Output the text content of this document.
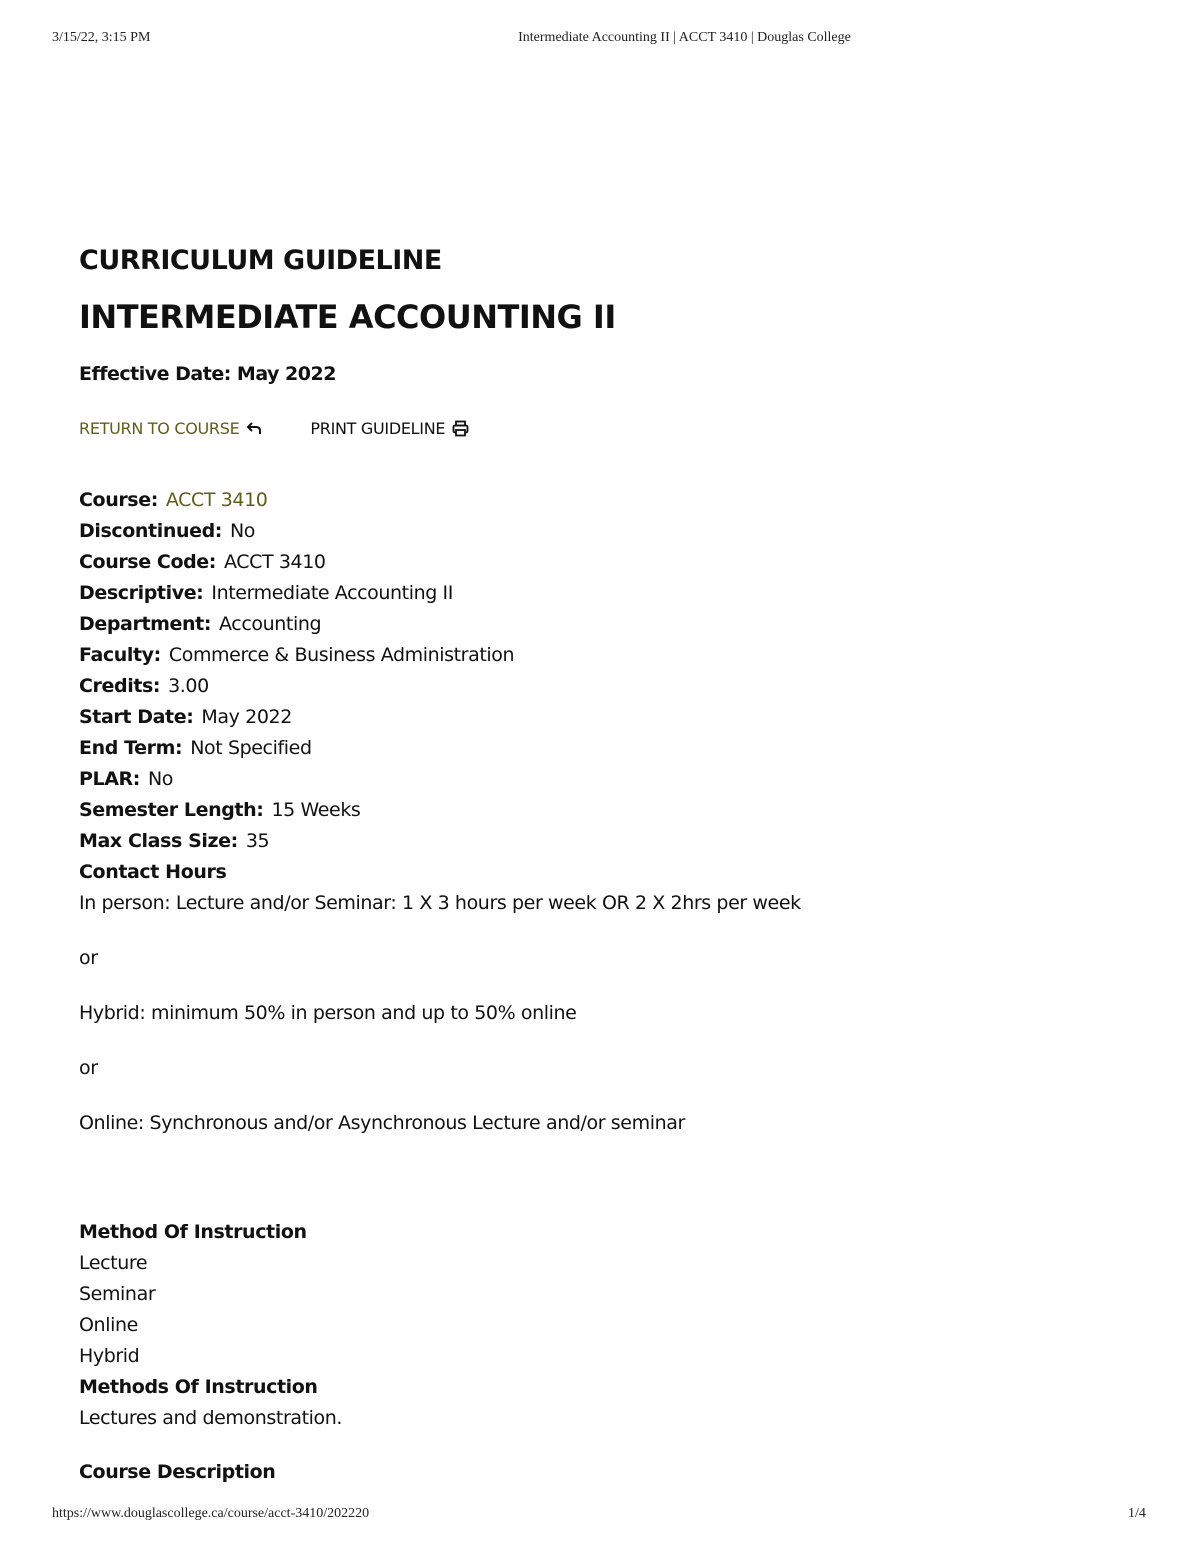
3/15/22, 3:15 PM	Intermediate Accounting II | ACCT 3410 | Douglas College
CURRICULUM GUIDELINE
INTERMEDIATE ACCOUNTING II
Effective Date: May 2022
RETURN TO COURSE	PRINT GUIDELINE
Course: ACCT 3410
Discontinued: No
Course Code: ACCT 3410
Descriptive: Intermediate Accounting II
Department: Accounting
Faculty: Commerce & Business Administration
Credits: 3.00
Start Date: May 2022
End Term: Not Specified
PLAR: No
Semester Length: 15 Weeks
Max Class Size: 35
Contact Hours

In person: Lecture and/or Seminar: 1 X 3 hours per week OR 2 X 2hrs per week

or

Hybrid: minimum 50% in person and up to 50% online

or

Online: Synchronous and/or Asynchronous Lecture and/or seminar

Method Of Instruction
Lecture
Seminar
Online
Hybrid
Methods Of Instruction

Lectures and demonstration.

Course Description
https://www.douglascollege.ca/course/acct-3410/202220	1/4
